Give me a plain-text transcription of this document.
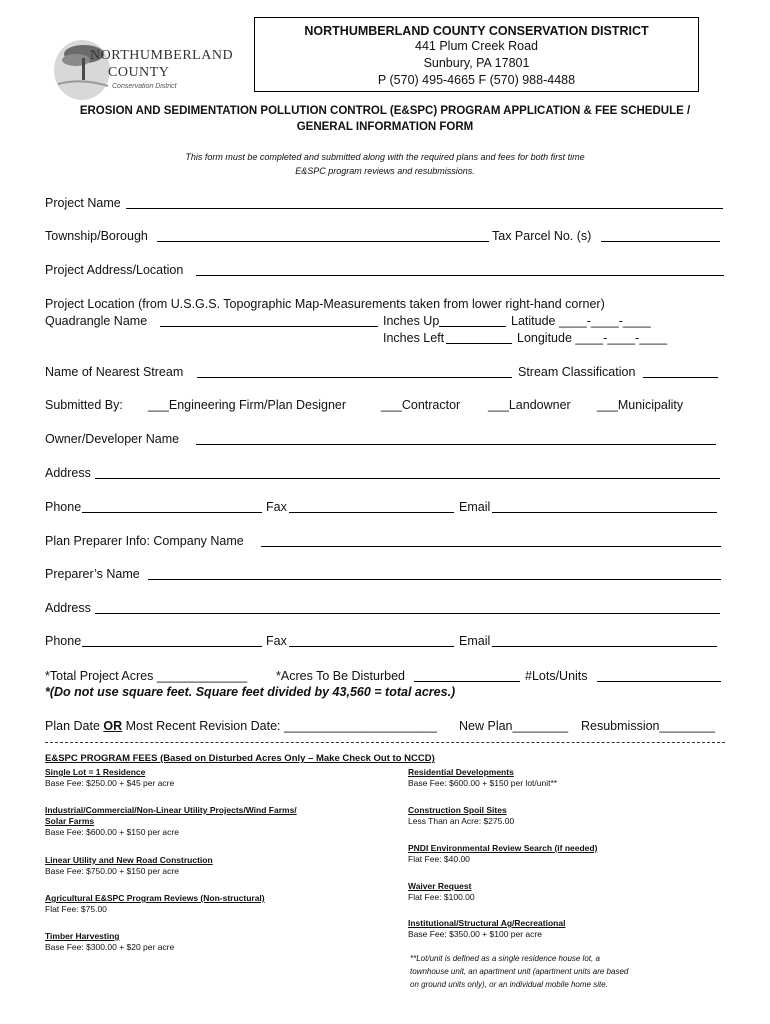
NORTHUMBERLAND
COUNTY
Conservation District
NORTHUMBERLAND COUNTY CONSERVATION DISTRICT
441 Plum Creek Road
Sunbury, PA 17801
P (570) 495-4665 F (570) 988-4488
EROSION AND SEDIMENTATION POLLUTION CONTROL (E&SPC) PROGRAM APPLICATION & FEE SCHEDULE /
GENERAL INFORMATION FORM
This form must be completed and submitted along with the required plans and fees for both first time
E&SPC program reviews and resubmissions.
Project Name
Township/Borough	Tax Parcel No. (s)
Project Address/Location
Project Location (from U.S.G.S. Topographic Map-Measurements taken from lower right-hand corner)
Quadrangle Name	Inches Up	Latitude ____-____-____
Inches Left	Longitude ____-____-____
Name of Nearest Stream	Stream Classification
Submitted By: ___Engineering Firm/Plan Designer	___Contractor ___Landowner ___Municipality
Owner/Developer Name
Address
Phone	Fax	Email
Plan Preparer Info: Company Name
Preparer’s Name
Address
Phone	Fax	Email
*Total Project Acres _____________ *Acres To Be Disturbed	#Lots/Units
*(Do not use square feet. Square feet divided by 43,560 = total acres.)
Plan Date OR Most Recent Revision Date: ______________________ New Plan________ Resubmission________
E&SPC PROGRAM FEES (Based on Disturbed Acres Only – Make Check Out to NCCD)
Single Lot = 1 Residence
Base Fee: $250.00 + $45 per acre
Industrial/Commercial/Non-Linear Utility Projects/Wind Farms/
Solar Farms
Base Fee: $600.00 + $150 per acre
Linear Utility and New Road Construction
Base Fee: $750.00 + $150 per acre
Agricultural E&SPC Program Reviews (Non-structural)
Flat Fee: $75.00
Timber Harvesting
Base Fee: $300.00 + $20 per acre
Residential Developments
Base Fee: $600.00 + $150 per lot/unit**
Construction Spoil Sites
Less Than an Acre: $275.00
PNDI Environmental Review Search (if needed)
Flat Fee: $40.00
Waiver Request
Flat Fee: $100.00
Institutional/Structural Ag/Recreational
Base Fee: $350.00 + $100 per acre
**Lot/unit is defined as a single residence house lot, a
townhouse unit, an apartment unit (apartment units are based
on ground units only), or an individual mobile home site.
